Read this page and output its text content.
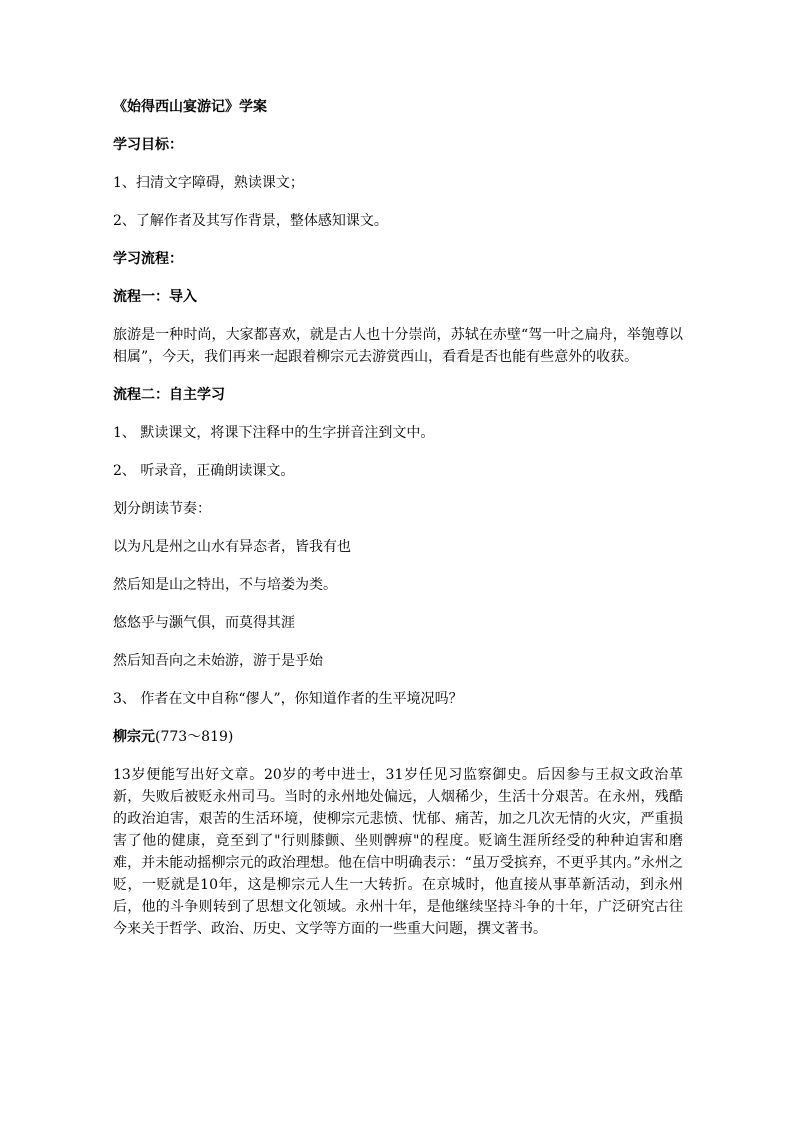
《始得西山宴游记》学案
学习目标：
1、扫清文字障碍，熟读课文；
2、了解作者及其写作背景，整体感知课文。
学习流程：
流程一：导入
旅游是一种时尚，大家都喜欢，就是古人也十分崇尚，苏轼在赤壁“驾一叶之扁舟，举匏尊以相属”，今天，我们再来一起跟着柳宗元去游赏西山，看看是否也能有些意外的收获。
流程二：自主学习
1、 默读课文，将课下注释中的生字拼音注到文中。
2、 听录音，正确朗读课文。
划分朗读节奏：
以为凡是州之山水有异态者，皆我有也
然后知是山之特出，不与培娄为类。
悠悠乎与灏气俱，而莫得其涯
然后知吾向之未始游，游于是乎始
3、 作者在文中自称“僇人”，你知道作者的生平境况吗？
柳宗元(773～819)
13岁便能写出好文章。20岁的考中进士，31岁任见习监察御史。后因参与王叔文政治革新，失败后被贬永州司马。当时的永州地处偏远，人烟稀少，生活十分艰苦。在永州，残酷的政治迫害，艰苦的生活环境，使柳宗元悲愤、忧郁、痛苦，加之几次无情的火灾，严重损害了他的健康，竟至到了"行则膝颤、坐则髀痹"的程度。贬谪生涯所经受的种种迫害和磨难，并未能动摇柳宗元的政治理想。他在信中明确表示：“虽万受摈弃，不更乎其内。”永州之贬，一贬就是10年，这是柳宗元人生一大转折。在京城时，他直接从事革新活动，到永州后，他的斗争则转到了思想文化领域。永州十年，是他继续坚持斗争的十年，广泛研究古往今来关于哲学、政治、历史、文学等方面的一些重大问题，撰文著书。
